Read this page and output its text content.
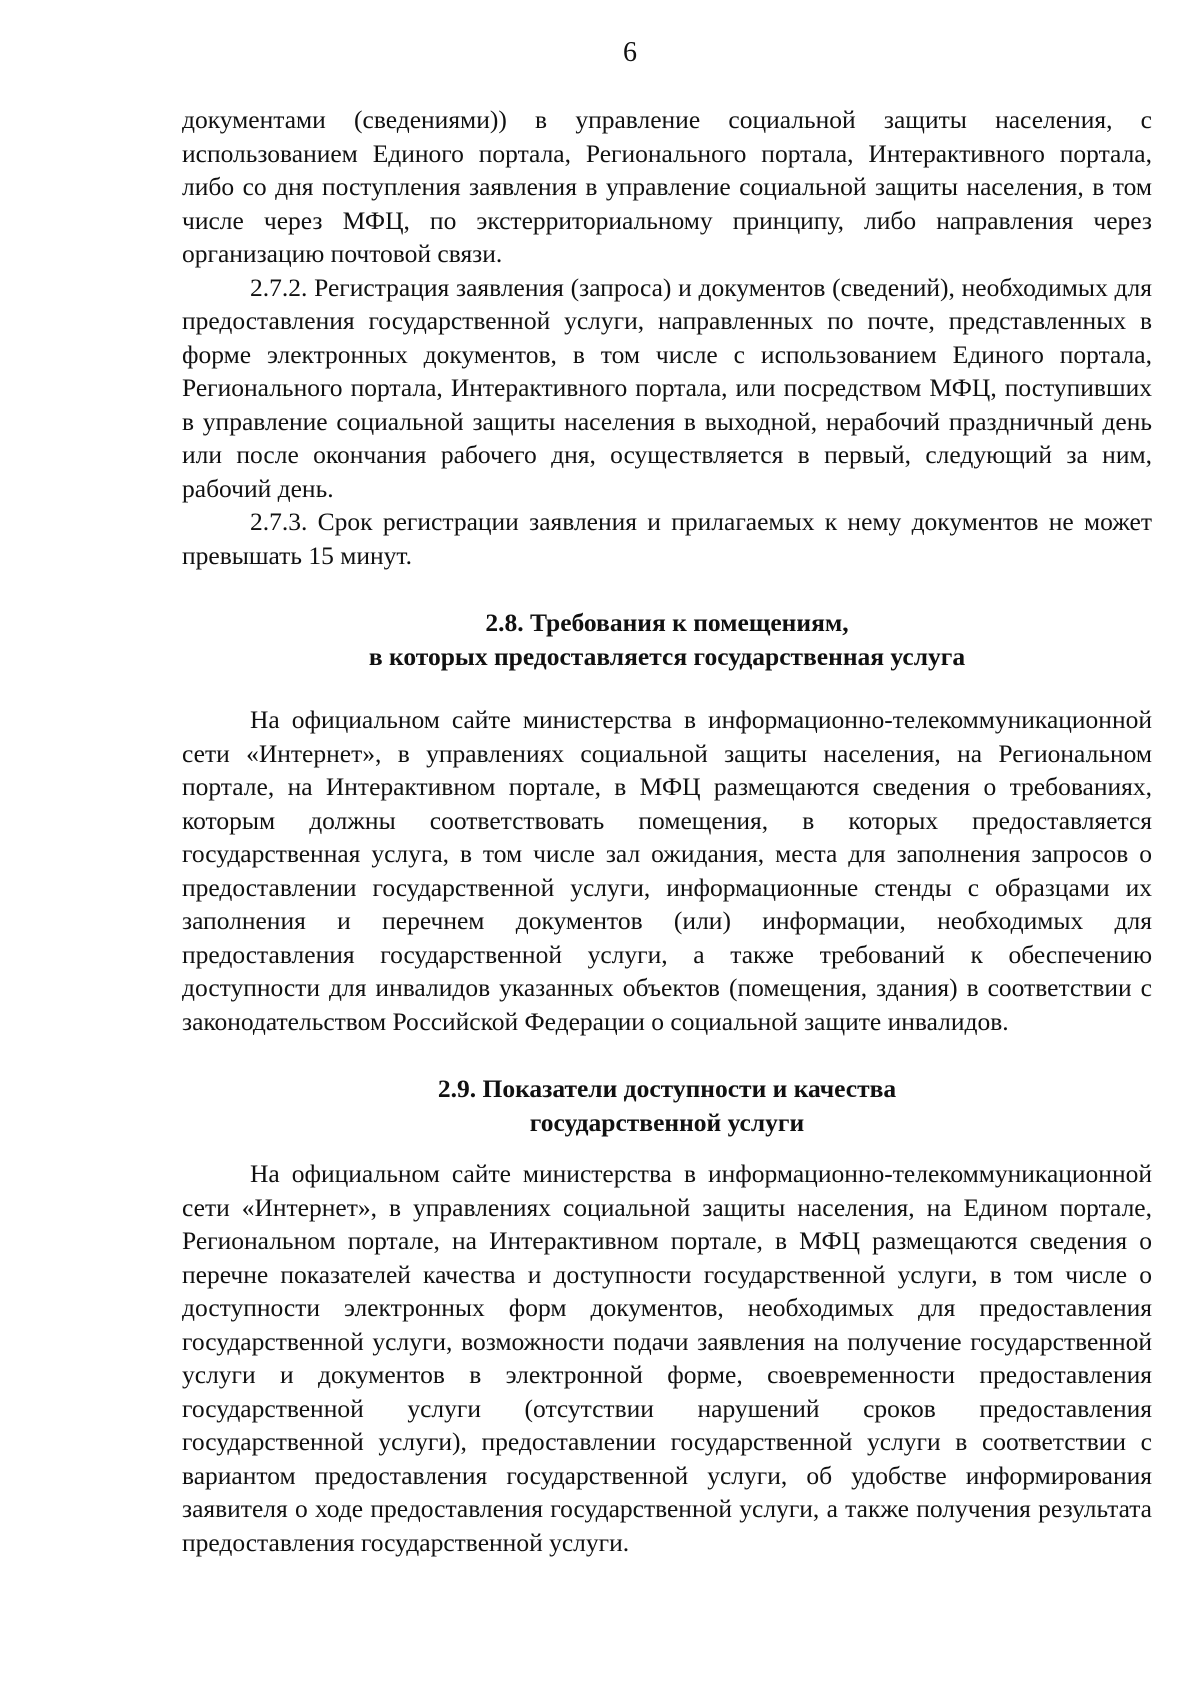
6

документами (сведениями)) в управление социальной защиты населения, с использованием Единого портала, Регионального портала, Интерактивного портала, либо со дня поступления заявления в управление социальной защиты населения, в том числе через МФЦ, по экстерриториальному принципу, либо направления через организацию почтовой связи.

2.7.2. Регистрация заявления (запроса) и документов (сведений), необходимых для предоставления государственной услуги, направленных по почте, представленных в форме электронных документов, в том числе с использованием Единого портала, Регионального портала, Интерактивного портала, или посредством МФЦ, поступивших в управление социальной защиты населения в выходной, нерабочий праздничный день или после окончания рабочего дня, осуществляется в первый, следующий за ним, рабочий день.

2.7.3. Срок регистрации заявления и прилагаемых к нему документов не может превышать 15 минут.

2.8. Требования к помещениям,
в которых предоставляется государственная услуга

На официальном сайте министерства в информационно-телекоммуникационной сети «Интернет», в управлениях социальной защиты населения, на Региональном портале, на Интерактивном портале, в МФЦ размещаются сведения о требованиях, которым должны соответствовать помещения, в которых предоставляется государственная услуга, в том числе зал ожидания, места для заполнения запросов о предоставлении государственной услуги, информационные стенды с образцами их заполнения и перечнем документов (или) информации, необходимых для предоставления государственной услуги, а также требований к обеспечению доступности для инвалидов указанных объектов (помещения, здания) в соответствии с законодательством Российской Федерации о социальной защите инвалидов.

2.9. Показатели доступности и качества
государственной услуги

На официальном сайте министерства в информационно-телекоммуникационной сети «Интернет», в управлениях социальной защиты населения, на Едином портале, Региональном портале, на Интерактивном портале, в МФЦ размещаются сведения о перечне показателей качества и доступности государственной услуги, в том числе о доступности электронных форм документов, необходимых для предоставления государственной услуги, возможности подачи заявления на получение государственной услуги и документов в электронной форме, своевременности предоставления государственной услуги (отсутствии нарушений сроков предоставления государственной услуги), предоставлении государственной услуги в соответствии с вариантом предоставления государственной услуги, об удобстве информирования заявителя о ходе предоставления государственной услуги, а также получения результата предоставления государственной услуги.
